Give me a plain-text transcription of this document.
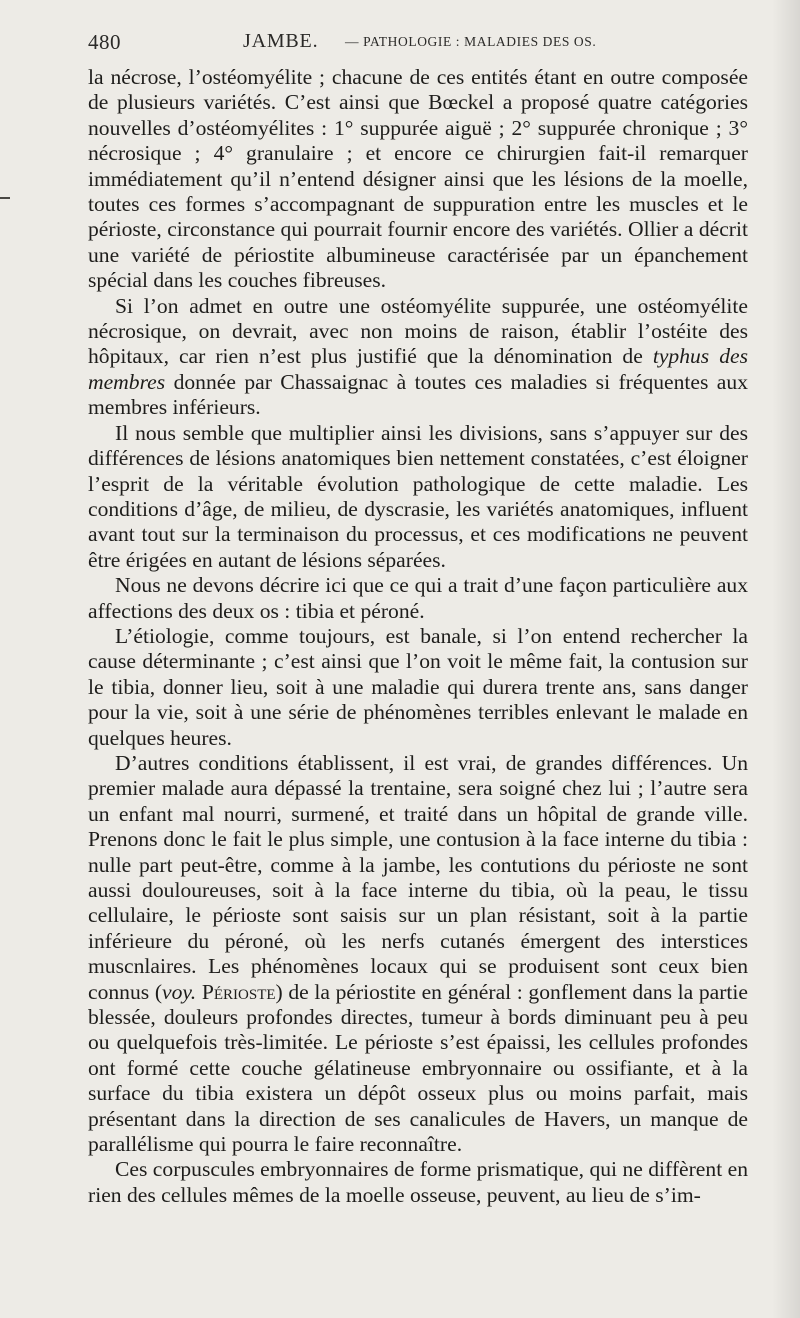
480	JAMBE. — PATHOLOGIE : MALADIES DES OS.

la nécrose, l’ostéomyélite ; chacune de ces entités étant en outre composée de plusieurs variétés. C’est ainsi que Bœckel a proposé quatre catégories nouvelles d’ostéomyélites : 1° suppurée aiguë ; 2° suppurée chronique ; 3° nécrosique ; 4° granulaire ; et encore ce chirurgien fait-il remarquer immédiatement qu’il n’entend désigner ainsi que les lésions de la moelle, toutes ces formes s’accompagnant de suppuration entre les muscles et le périoste, circonstance qui pourrait fournir encore des variétés. Ollier a décrit une variété de périostite albumineuse caractérisée par un épanchement spécial dans les couches fibreuses.

Si l’on admet en outre une ostéomyélite suppurée, une ostéomyélite nécrosique, on devrait, avec non moins de raison, établir l’ostéite des hôpitaux, car rien n’est plus justifié que la dénomination de typhus des membres donnée par Chassaignac à toutes ces maladies si fréquentes aux membres inférieurs.

Il nous semble que multiplier ainsi les divisions, sans s’appuyer sur des différences de lésions anatomiques bien nettement constatées, c’est éloigner l’esprit de la véritable évolution pathologique de cette maladie. Les conditions d’âge, de milieu, de dyscrasie, les variétés anatomiques, influent avant tout sur la terminaison du processus, et ces modifications ne peuvent être érigées en autant de lésions séparées.

Nous ne devons décrire ici que ce qui a trait d’une façon particulière aux affections des deux os : tibia et péroné.

L’étiologie, comme toujours, est banale, si l’on entend rechercher la cause déterminante ; c’est ainsi que l’on voit le même fait, la contusion sur le tibia, donner lieu, soit à une maladie qui durera trente ans, sans danger pour la vie, soit à une série de phénomènes terribles enlevant le malade en quelques heures.

D’autres conditions établissent, il est vrai, de grandes différences. Un premier malade aura dépassé la trentaine, sera soigné chez lui ; l’autre sera un enfant mal nourri, surmené, et traité dans un hôpital de grande ville. Prenons donc le fait le plus simple, une contusion à la face interne du tibia : nulle part peut-être, comme à la jambe, les contutions du périoste ne sont aussi douloureuses, soit à la face interne du tibia, où la peau, le tissu cellulaire, le périoste sont saisis sur un plan résistant, soit à la partie inférieure du péroné, où les nerfs cutanés émergent des interstices muscnlaires. Les phénomènes locaux qui se produisent sont ceux bien connus (voy. Périoste) de la périostite en général : gonflement dans la partie blessée, douleurs profondes directes, tumeur à bords diminuant peu à peu ou quelquefois très-limitée. Le périoste s’est épaissi, les cellules profondes ont formé cette couche gélatineuse embryonnaire ou ossifiante, et à la surface du tibia existera un dépôt osseux plus ou moins parfait, mais présentant dans la direction de ses canalicules de Havers, un manque de parallélisme qui pourra le faire reconnaître.

Ces corpuscules embryonnaires de forme prismatique, qui ne diffèrent en rien des cellules mêmes de la moelle osseuse, peuvent, au lieu de s’im-
